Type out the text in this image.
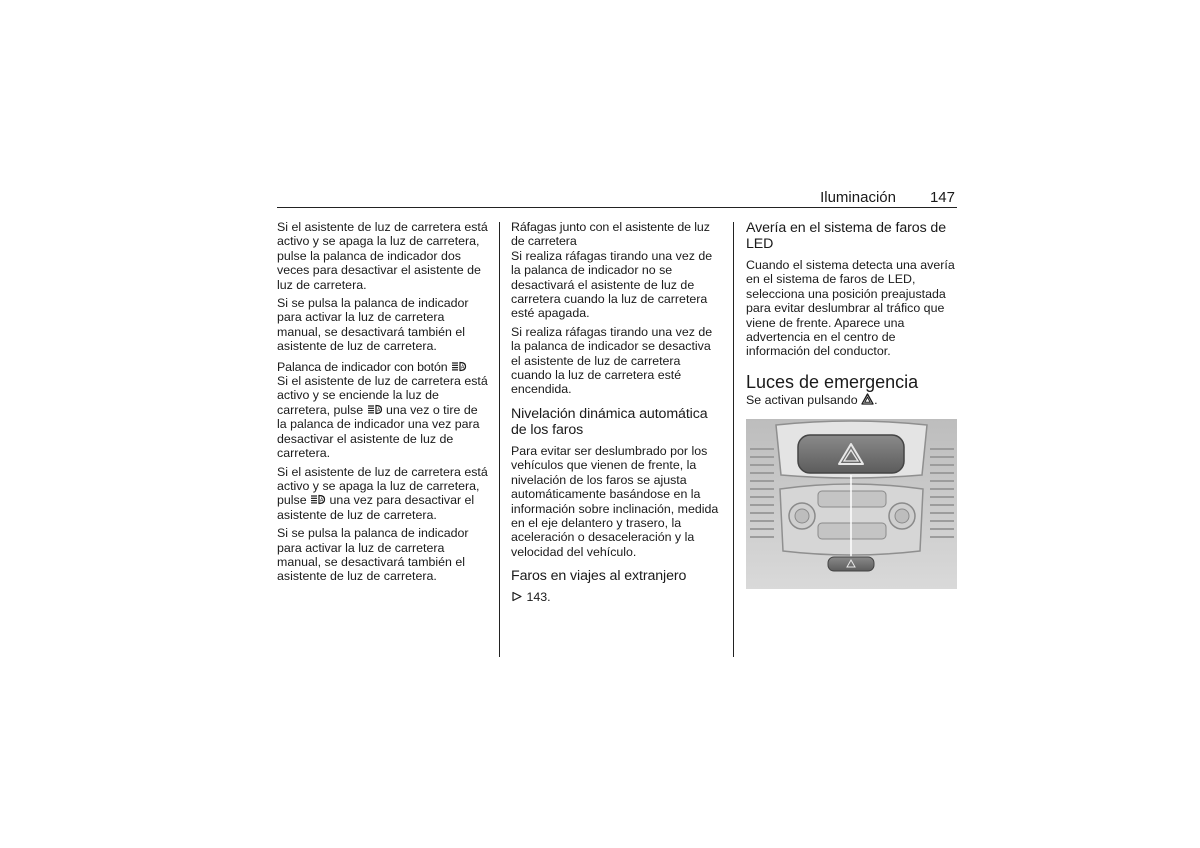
Iluminación 147

Si el asistente de luz de carretera está activo y se apaga la luz de carretera, pulse la palanca de indicador dos veces para desactivar el asistente de luz de carretera.

Si se pulsa la palanca de indicador para activar la luz de carretera manual, se desactivará también el asistente de luz de carretera.

Palanca de indicador con botón	A

Si el asistente de luz de carretera está activo y se enciende la luz de carretera, pulse	A una vez o tire de la palanca de indicador una vez para desactivar el asistente de luz de carretera.

Si el asistente de luz de carretera está activo y se apaga la luz de carretera, pulse	A una vez para desactivar el asistente de luz de carretera.

Si se pulsa la palanca de indicador para activar la luz de carretera manual, se desactivará también el asistente de luz de carretera.

Ráfagas junto con el asistente de luz de carretera

Si realiza ráfagas tirando una vez de la palanca de indicador no se desactivará el asistente de luz de carretera cuando la luz de carretera esté apagada.

Si realiza ráfagas tirando una vez de la palanca de indicador se desactiva el asistente de luz de carretera cuando la luz de carretera esté encendida.

Nivelación dinámica automática de los faros

Para evitar ser deslumbrado por los vehículos que vienen de frente, la nivelación de los faros se ajusta automáticamente basándose en la información sobre inclinación, medida en el eje delantero y trasero, la aceleración o desaceleración y la velocidad del vehículo.

Faros en viajes al extranjero

143.

Avería en el sistema de faros de LED

Cuando el sistema detecta una avería en el sistema de faros de LED, selecciona una posición preajustada para evitar deslumbrar al tráfico que viene de frente. Aparece una advertencia en el centro de información del conductor.

Luces de emergencia

Se activan pulsando .
